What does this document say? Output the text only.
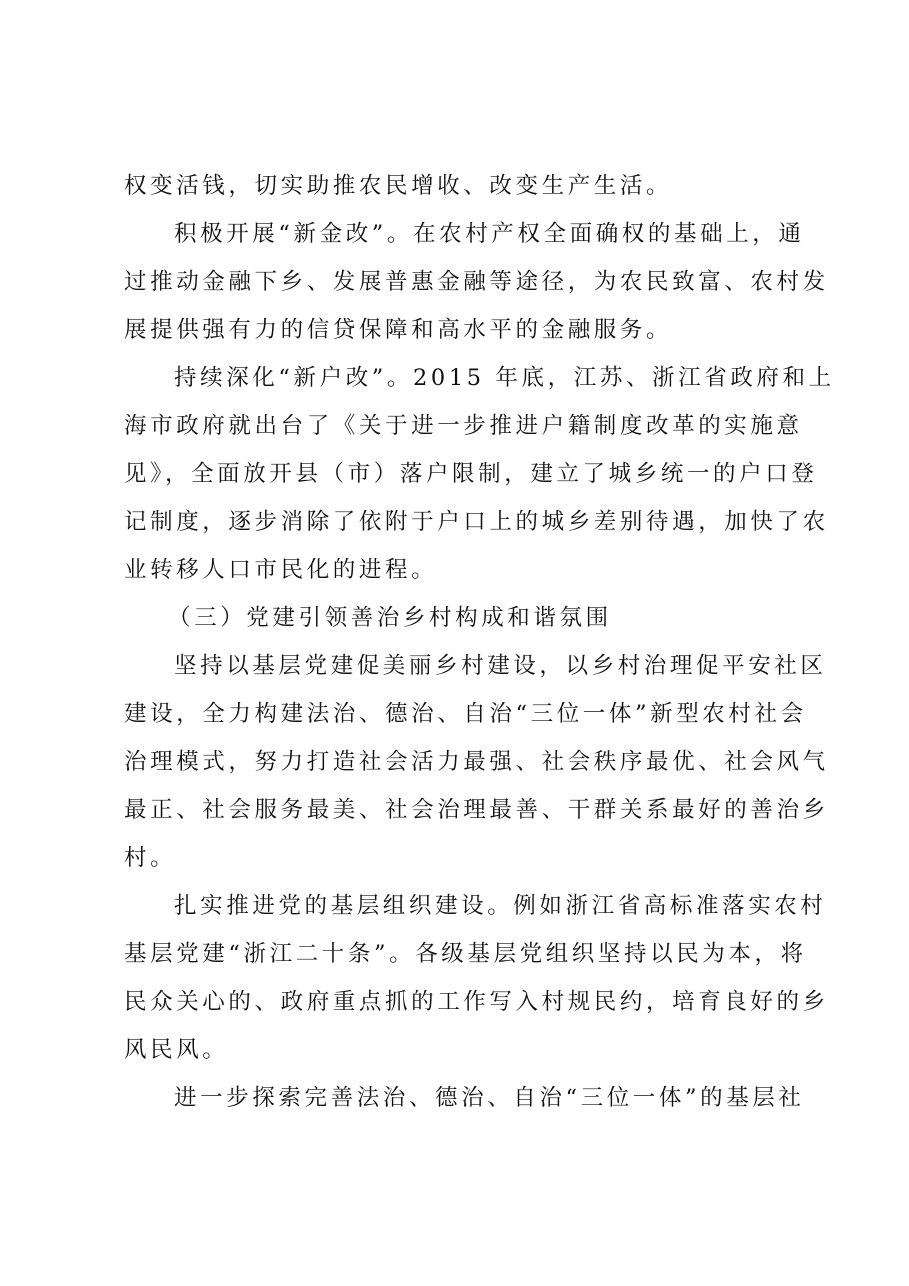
权变活钱，切实助推农民增收、改变生产生活。
积极开展“新金改”。在农村产权全面确权的基础上，通
过推动金融下乡、发展普惠金融等途径，为农民致富、农村发
展提供强有力的信贷保障和高水平的金融服务。
持续深化“新户改”。2015 年底，江苏、浙江省政府和上
海市政府就出台了《关于进一步推进户籍制度改革的实施意
见》，全面放开县（市）落户限制，建立了城乡统一的户口登
记制度，逐步消除了依附于户口上的城乡差别待遇，加快了农
业转移人口市民化的进程。
（三）党建引领善治乡村构成和谐氛围
坚持以基层党建促美丽乡村建设，以乡村治理促平安社区
建设，全力构建法治、德治、自治“三位一体”新型农村社会
治理模式，努力打造社会活力最强、社会秩序最优、社会风气
最正、社会服务最美、社会治理最善、干群关系最好的善治乡
村。
扎实推进党的基层组织建设。例如浙江省高标准落实农村
基层党建“浙江二十条”。各级基层党组织坚持以民为本，将
民众关心的、政府重点抓的工作写入村规民约，培育良好的乡
风民风。
进一步探索完善法治、德治、自治“三位一体”的基层社
